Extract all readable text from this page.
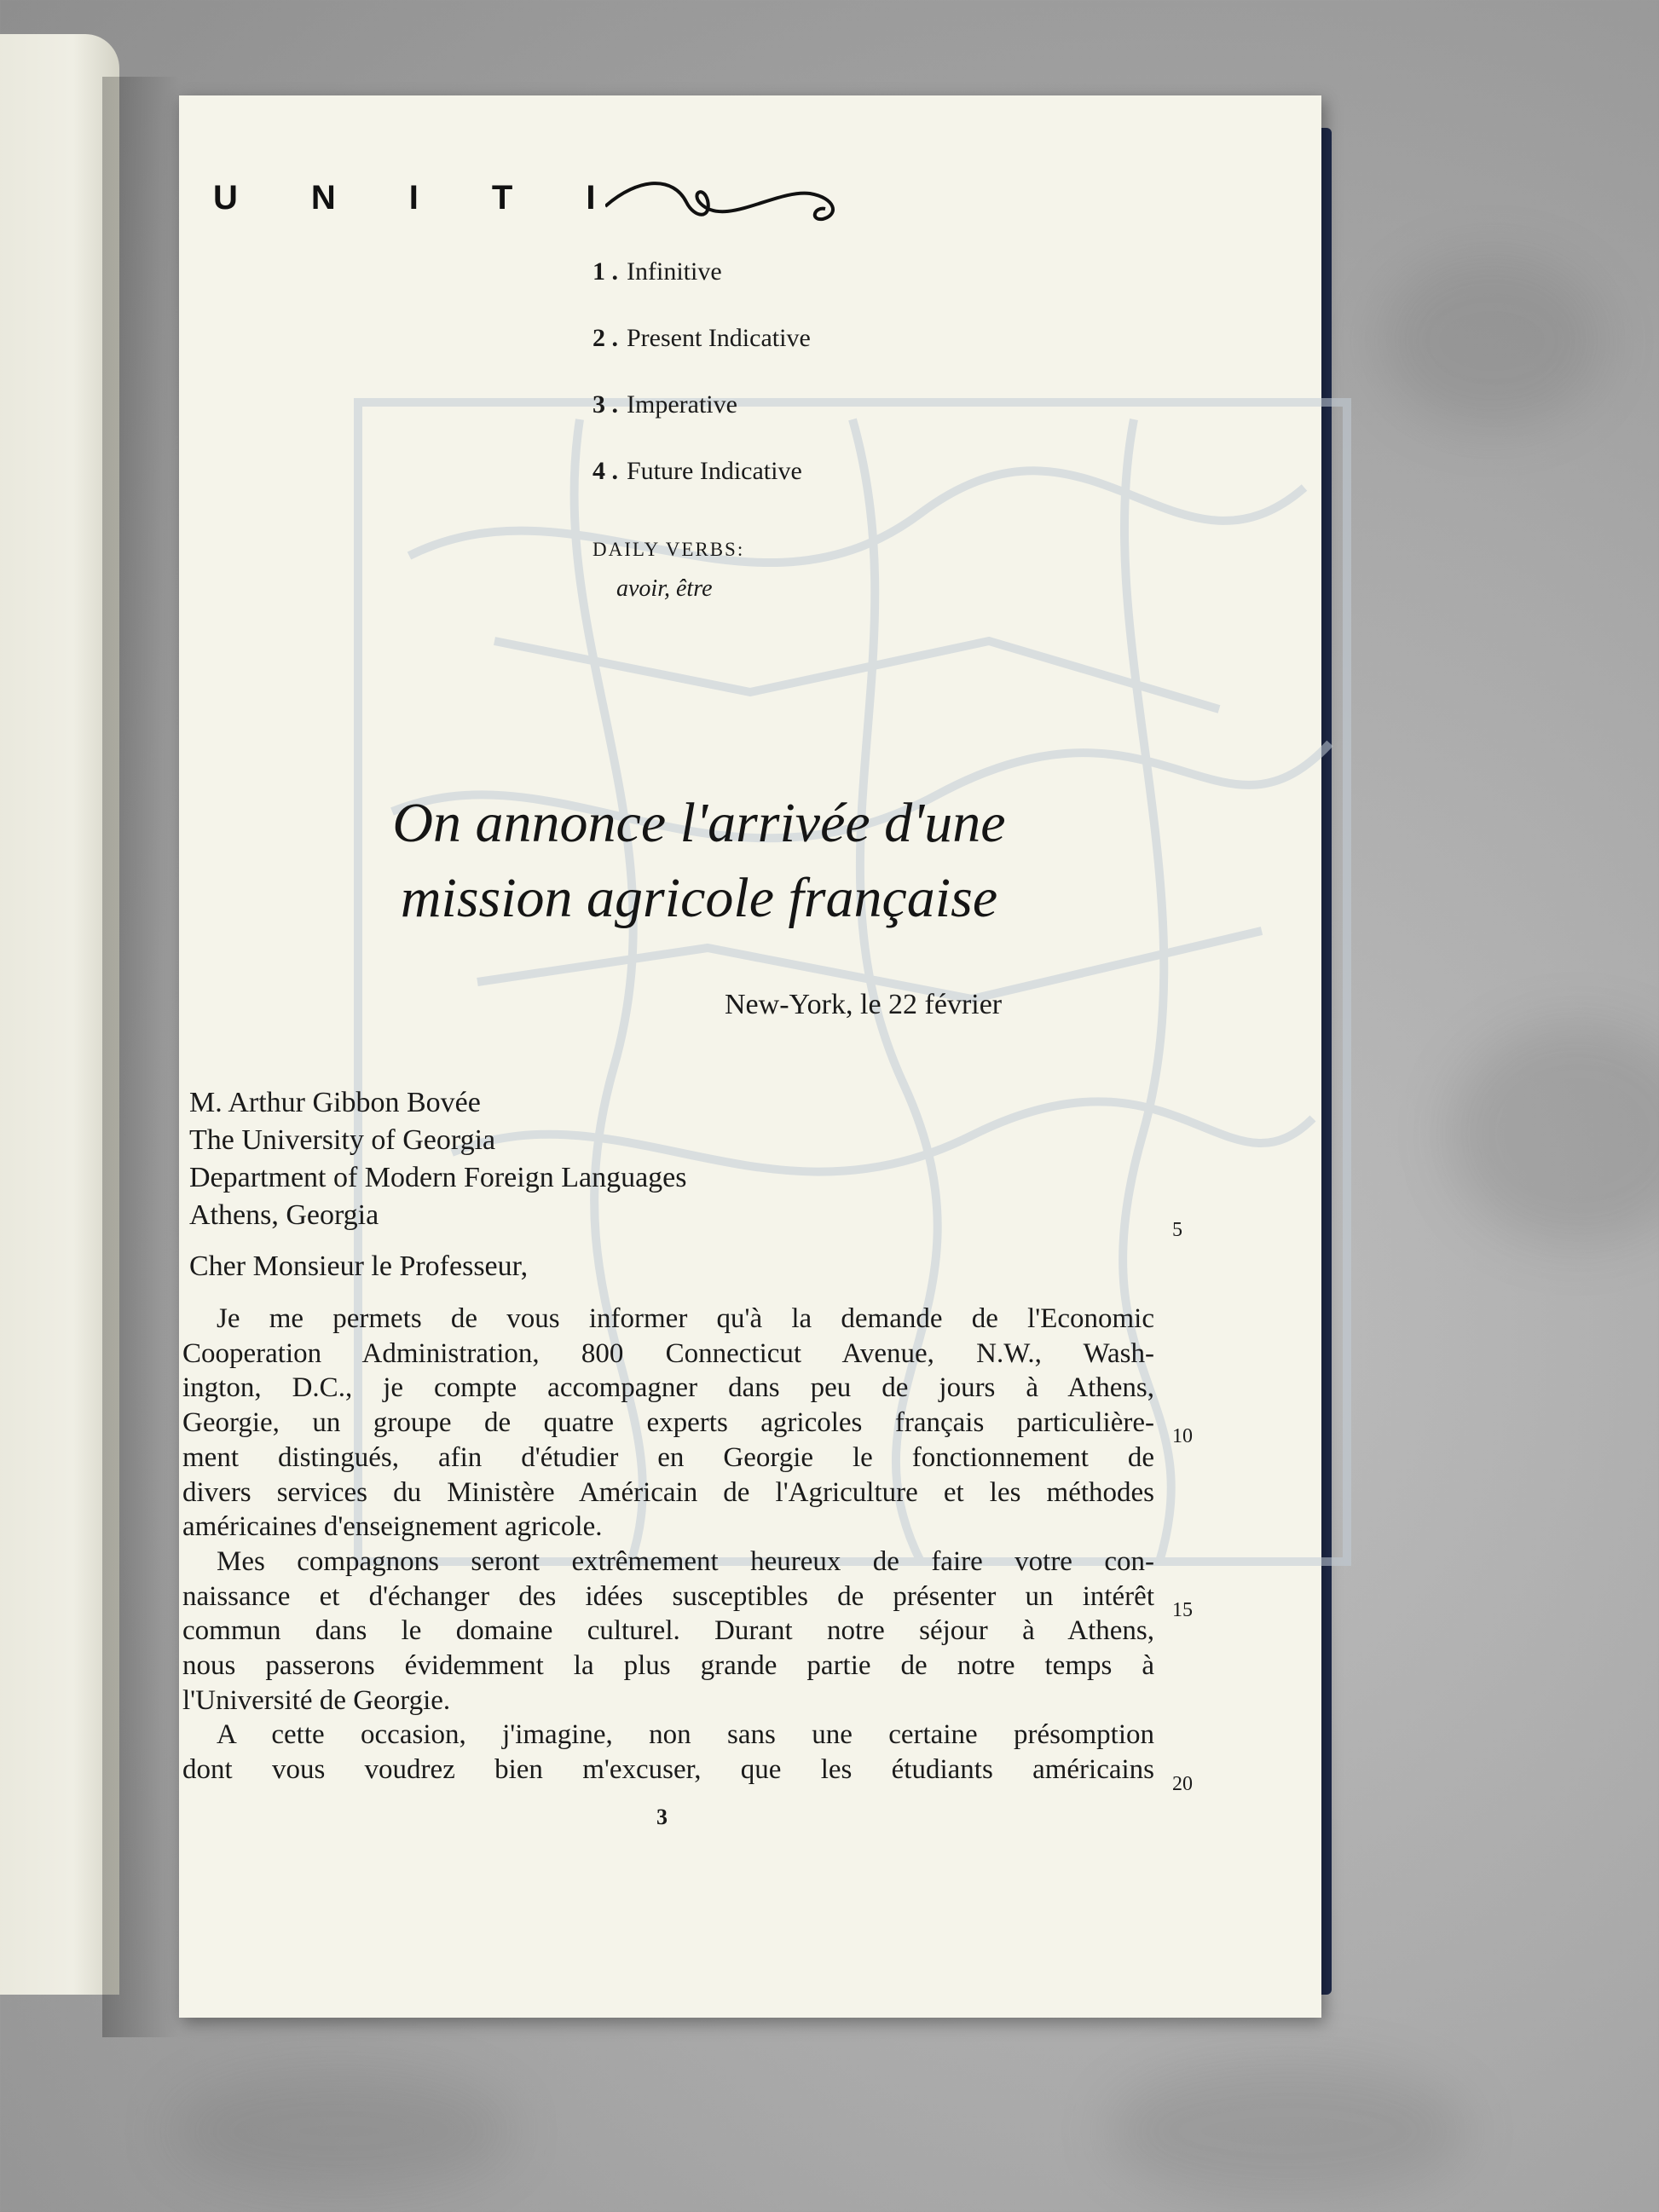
U N I T I
1 . Infinitive
2 . Present Indicative
3 . Imperative
4 . Future Indicative
DAILY VERBS:
avoir, être
On annonce l'arrivée d'une
mission agricole française
New-York, le 22 février
M. Arthur Gibbon Bovée
The University of Georgia
Department of Modern Foreign Languages
Athens, Georgia	5
Cher Monsieur le Professeur,
Je me permets de vous informer qu'à la demande de l'Economic
Cooperation Administration, 800 Connecticut Avenue, N.W., Wash-
ington, D.C., je compte accompagner dans peu de jours à Athens,
Georgie, un groupe de quatre experts agricoles français particulière-
ment distingués, afin d'étudier en Georgie le fonctionnement de
divers services du Ministère Américain de l'Agriculture et les méthodes
américaines d'enseignement agricole.
Mes compagnons seront extrêmement heureux de faire votre con-
naissance et d'échanger des idées susceptibles de présenter un intérêt
commun dans le domaine culturel. Durant notre séjour à Athens,
nous passerons évidemment la plus grande partie de notre temps à
l'Université de Georgie.
A cette occasion, j'imagine, non sans une certaine présomption
dont vous voudrez bien m'excuser, que les étudiants américains
10
15
20
3
